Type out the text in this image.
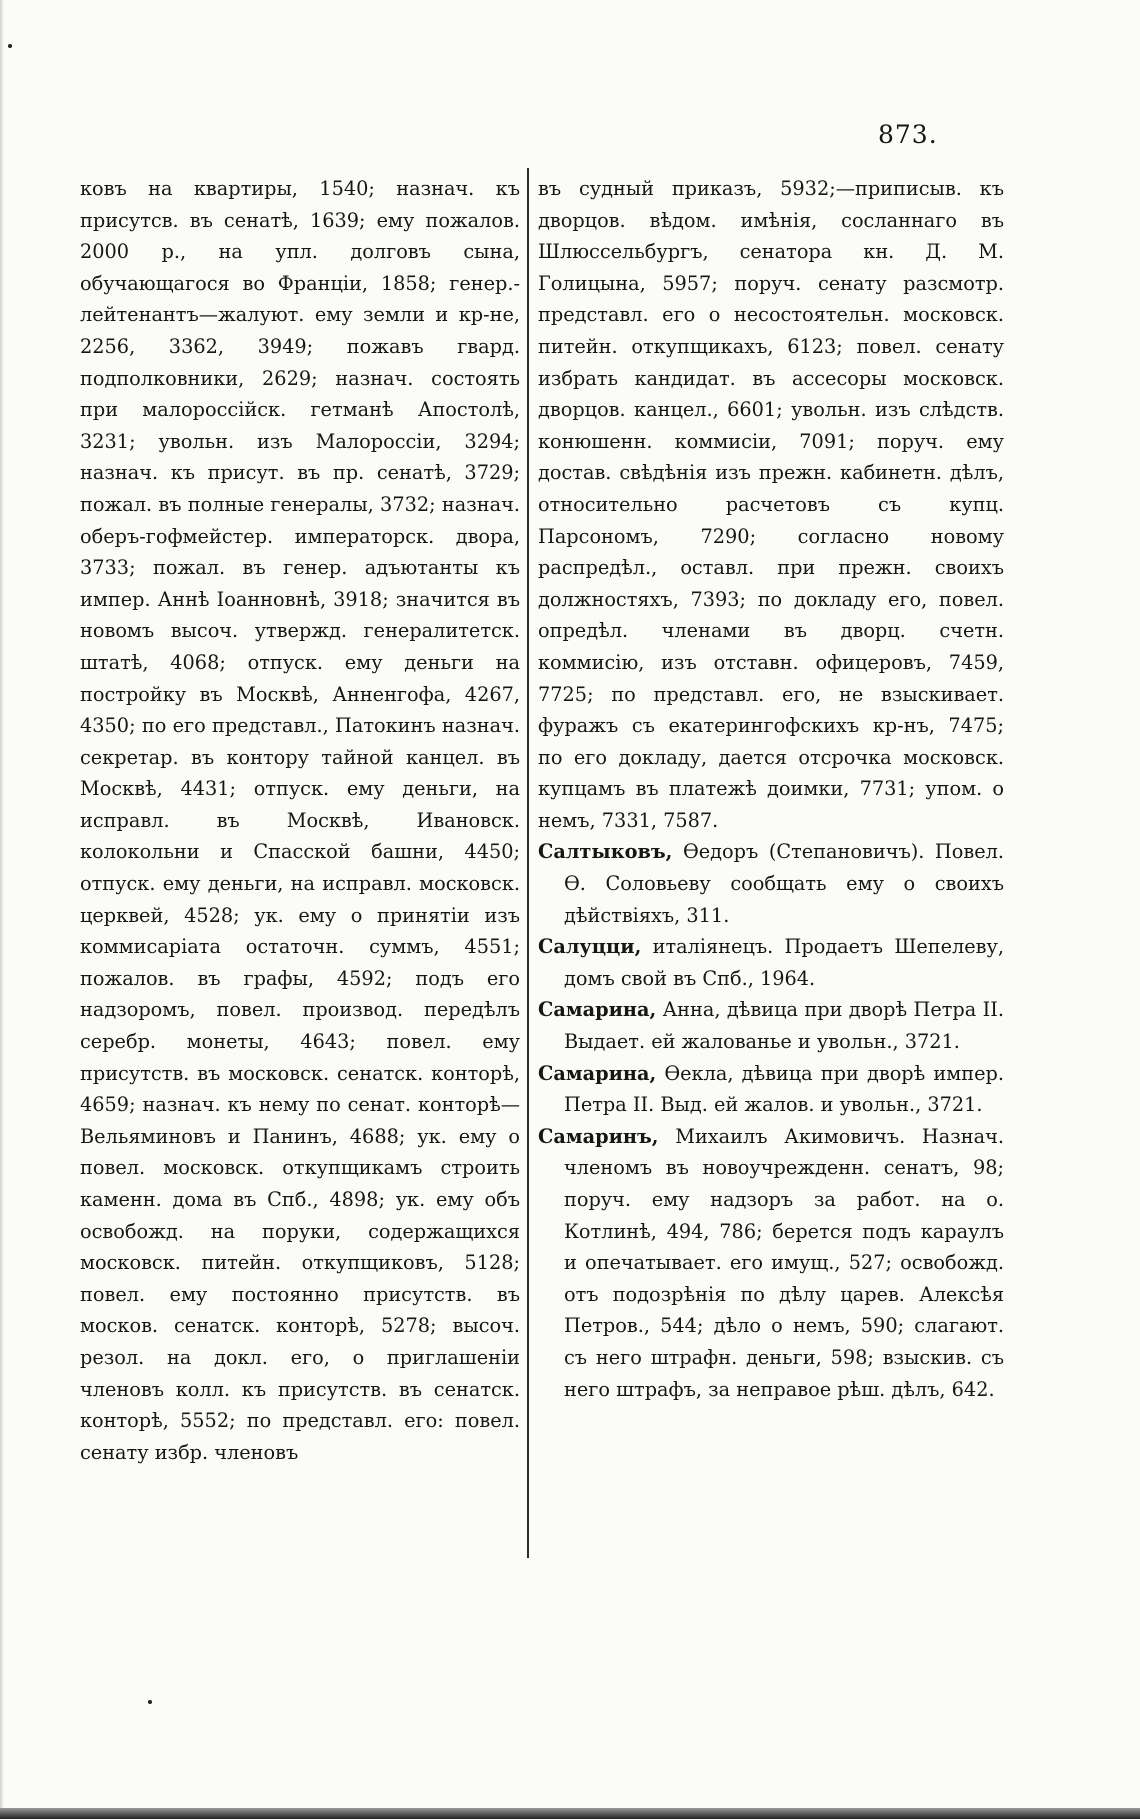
873.

ковъ на квартиры, 1540; назнач. къ присутсв. въ сенатѣ, 1639; ему пожалов. 2000 р., на упл. долговъ сына, обучающагося во Франціи, 1858; генер.-лейтенантъ—жалуют. ему земли и кр-не, 2256, 3362, 3949; пожавъ гвард. подполковники, 2629; назнач. состоять при малороссійск. гетманѣ Апостолѣ, 3231; увольн. изъ Малороссіи, 3294; назнач. къ присут. въ пр. сенатѣ, 3729; пожал. въ полные генералы, 3732; назнач. оберъ-гофмейстер. императорск. двора, 3733; пожал. въ генер. адъютанты къ импер. Аннѣ Іоанновнѣ, 3918; значится въ новомъ высоч. утвержд. генералитетск. штатѣ, 4068; отпуск. ему деньги на постройку въ Москвѣ, Анненгофа, 4267, 4350; по его представл., Патокинъ назнач. секретар. въ контору тайной канцел. въ Москвѣ, 4431; отпуск. ему деньги, на исправл. въ Москвѣ, Ивановск. колокольни и Спасской башни, 4450; отпуск. ему деньги, на исправл. московск. церквей, 4528; ук. ему о принятіи изъ коммисаріата остаточн. суммъ, 4551; пожалов. въ графы, 4592; подъ его надзоромъ, повел. производ. передѣлъ серебр. монеты, 4643; повел. ему присутств. въ московск. сенатск. конторѣ, 4659; назнач. къ нему по сенат. конторѣ—Вельяминовъ и Панинъ, 4688; ук. ему о повел. московск. откупщикамъ строить каменн. дома въ Спб., 4898; ук. ему объ освобожд. на поруки, содержащихся московск. питейн. откупщиковъ, 5128; повел. ему постоянно присутств. въ москов. сенатск. конторѣ, 5278; высоч. резол. на докл. его, о приглашеніи членовъ колл. къ присутств. въ сенатск. конторѣ, 5552; по представл. его: повел. сенату избр. членовъ

въ судный приказъ, 5932;—приписыв. къ дворцов. вѣдом. имѣнія, сосланнаго въ Шлюссельбургъ, сенатора кн. Д. М. Голицына, 5957; поруч. сенату разсмотр. представл. его о несостоятельн. московск. питейн. откупщикахъ, 6123; повел. сенату избрать кандидат. въ ассесоры московск. дворцов. канцел., 6601; увольн. изъ слѣдств. конюшенн. коммисіи, 7091; поруч. ему достав. свѣдѣнія изъ прежн. кабинетн. дѣлъ, относительно расчетовъ съ купц. Парсономъ, 7290; согласно новому распредѣл., оставл. при прежн. своихъ должностяхъ, 7393; по докладу его, повел. опредѣл. членами въ дворц. счетн. коммисію, изъ отставн. офицеровъ, 7459, 7725; по представл. его, не взыскивает. фуражъ съ екатерингофскихъ кр-нъ, 7475; по его докладу, дается отсрочка московск. купцамъ въ платежѣ доимки, 7731; упом. о немъ, 7331, 7587.

Салтыковъ, Ѳедоръ (Степановичъ). Повел. Ѳ. Соловьеву сообщать ему о своихъ дѣйствіяхъ, 311.

Салуцци, италіянецъ. Продаетъ Шепелеву, домъ свой въ Спб., 1964.

Самарина, Анна, дѣвица при дворѣ Петра II. Выдает. ей жалованье и увольн., 3721.

Самарина, Ѳекла, дѣвица при дворѣ импер. Петра II. Выд. ей жалов. и увольн., 3721.

Самаринъ, Михаилъ Акимовичъ. Назнач. членомъ въ новоучрежденн. сенатъ, 98; поруч. ему надзоръ за работ. на о. Котлинѣ, 494, 786; берется подъ караулъ и опечатывает. его имущ., 527; освобожд. отъ подозрѣнія по дѣлу царев. Алексѣя Петров., 544; дѣло о немъ, 590; слагают. съ него штрафн. деньги, 598; взыскив. съ него штрафъ, за неправое рѣш. дѣлъ, 642.
